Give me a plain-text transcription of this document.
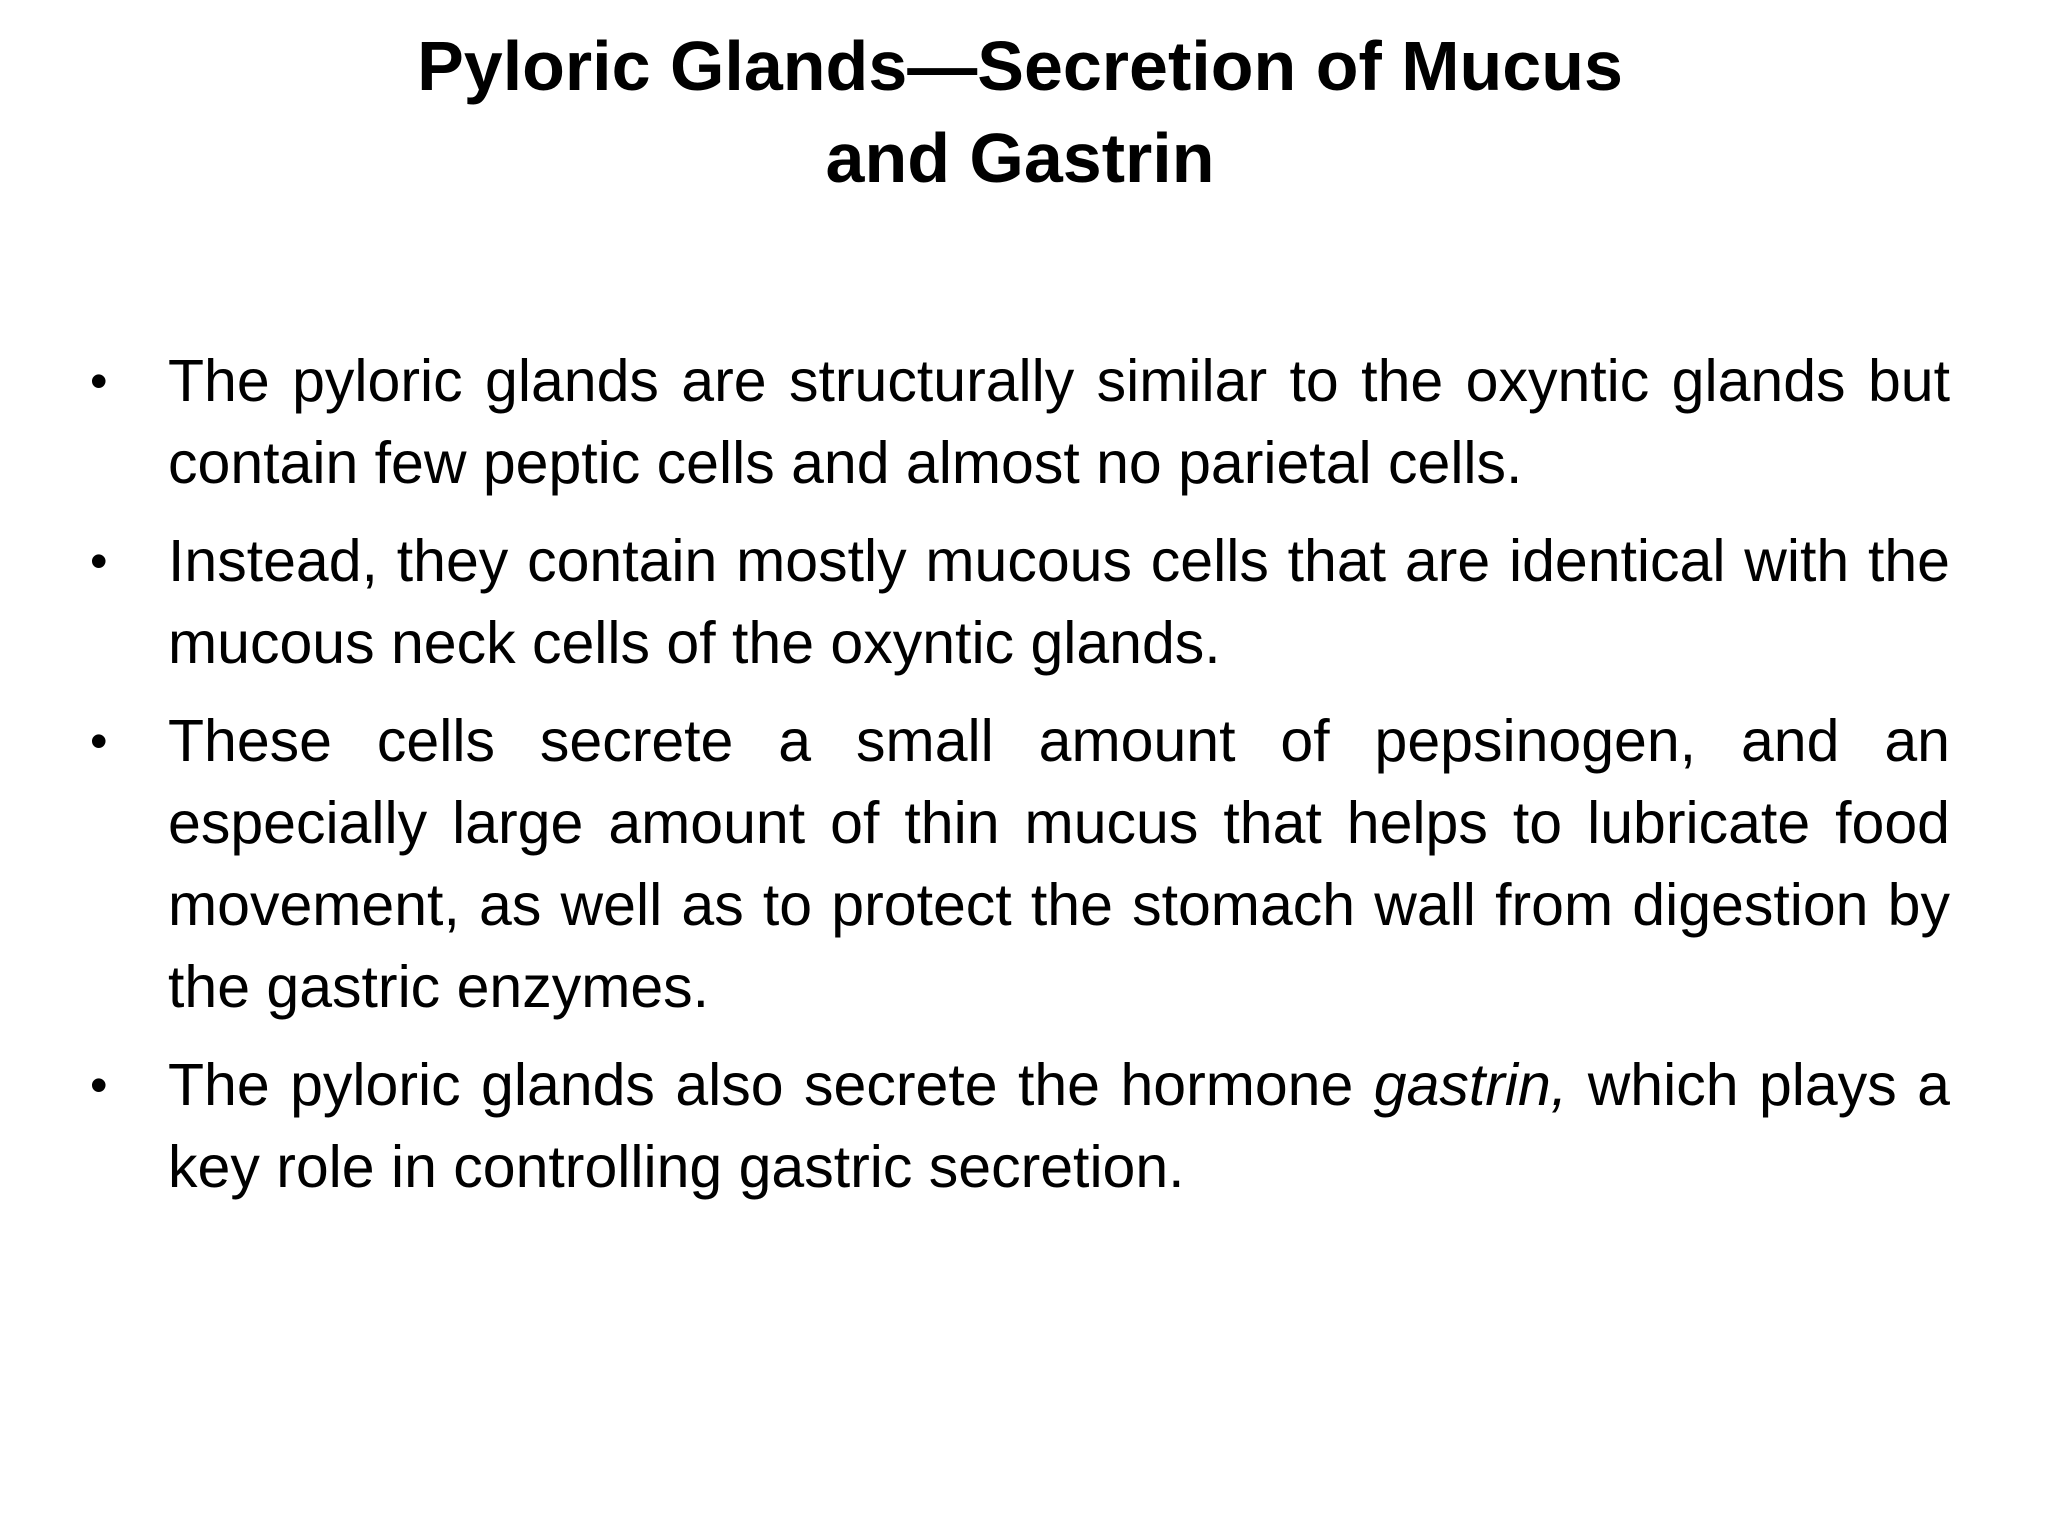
Pyloric Glands—Secretion of Mucus
and Gastrin
• The pyloric glands are structurally similar to the oxyntic glands but contain few peptic cells and almost no parietal cells.
• Instead, they contain mostly mucous cells that are identical with the mucous neck cells of the oxyntic glands.
• These cells secrete a small amount of pepsinogen, and an especially large amount of thin mucus that helps to lubricate food movement, as well as to protect the stomach wall from digestion by the gastric enzymes.
• The pyloric glands also secrete the hormone gastrin, which plays a key role in controlling gastric secretion.
